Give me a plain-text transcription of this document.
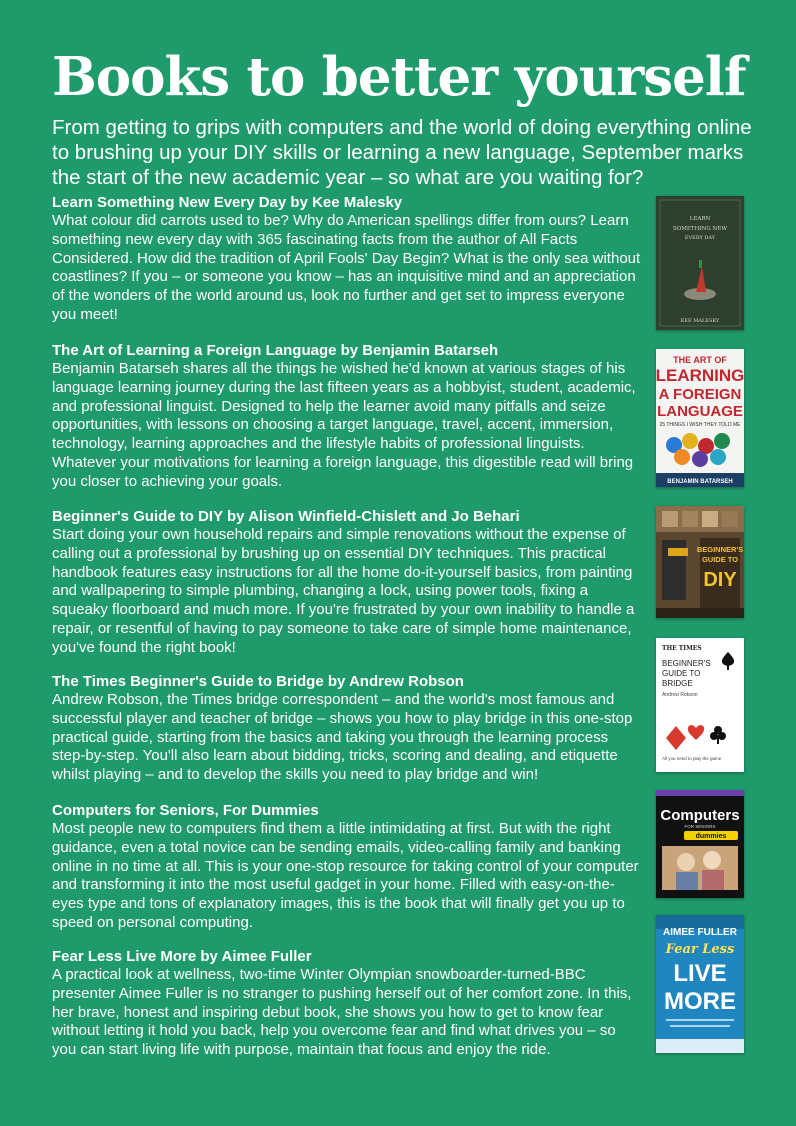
Books to better yourself
From getting to grips with computers and the world of doing everything online to brushing up your DIY skills or learning a new language, September marks the start of the new academic year – so what are you waiting for?
Learn Something New Every Day by Kee Malesky

What colour did carrots used to be? Why do American spellings differ from ours? Learn something new every day with 365 fascinating facts from the author of All Facts Considered. How did the tradition of April Fools' Day Begin? What is the only sea without coastlines? If you – or someone you know – has an inquisitive mind and an appreciation of the wonders of the world around us, look no further and get set to impress everyone you meet!

LEARN
SOMETHING NEW
EVERY DAY
KEE MALESKY
The Art of Learning a Foreign Language by Benjamin Batarseh

Benjamin Batarseh shares all the things he wished he'd known at various stages of his language learning journey during the last fifteen years as a hobbyist, student, academic, and professional linguist. Designed to help the learner avoid many pitfalls and seize opportunities, with lessons on choosing a target language, travel, accent, immersion, technology, learning approaches and the lifestyle habits of professional linguists. Whatever your motivations for learning a foreign language, this digestible read will bring you closer to achieving your goals.

THE ART OF
LEARNING
A FOREIGN
LANGUAGE
25 THINGS I WISH THEY TOLD ME
BENJAMIN BATARSEH
Beginner's Guide to DIY by Alison Winfield-Chislett and Jo Behari

Start doing your own household repairs and simple renovations without the expense of calling out a professional by brushing up on essential DIY techniques. This practical handbook features easy instructions for all the home do-it-yourself basics, from painting and wallpapering to simple plumbing, changing a lock, using power tools, fixing a squeaky floorboard and much more. If you're frustrated by your own inability to handle a repair, or resentful of having to pay someone to take care of simple home maintenance, you've found the right book!

BEGINNER'S
GUIDE TO
DIY
The Times Beginner's Guide to Bridge by Andrew Robson

Andrew Robson, the Times bridge correspondent – and the world's most famous and successful player and teacher of bridge – shows you how to play bridge in this one-stop practical guide, starting from the basics and taking you through the learning process step-by-step. You'll also learn about bidding, tricks, scoring and dealing, and etiquette whilst playing – and to develop the skills you need to play bridge and win!

THE TIMES
BEGINNER'S
GUIDE TO
BRIDGE
Andrew Robson
All you need to play the game
Computers for Seniors, For Dummies

Most people new to computers find them a little intimidating at first. But with the right guidance, even a total novice can be sending emails, video-calling family and banking online in no time at all. This is your one-stop resource for taking control of your computer and transforming it into the most useful gadget in your home. Filled with easy-on-the-eyes type and tons of explanatory images, this is the book that will finally get you up to speed on personal computing.

Computers
FOR SENIORS
dummies
Fear Less Live More by Aimee Fuller

A practical look at wellness, two-time Winter Olympian snowboarder-turned-BBC presenter Aimee Fuller is no stranger to pushing herself out of her comfort zone. In this, her brave, honest and inspiring debut book, she shows you how to get to know fear without letting it hold you back, help you overcome fear and find what drives you – so you can start living life with purpose, maintain that focus and enjoy the ride.

AIMEE FULLER
Fear Less
LIVE
MORE
